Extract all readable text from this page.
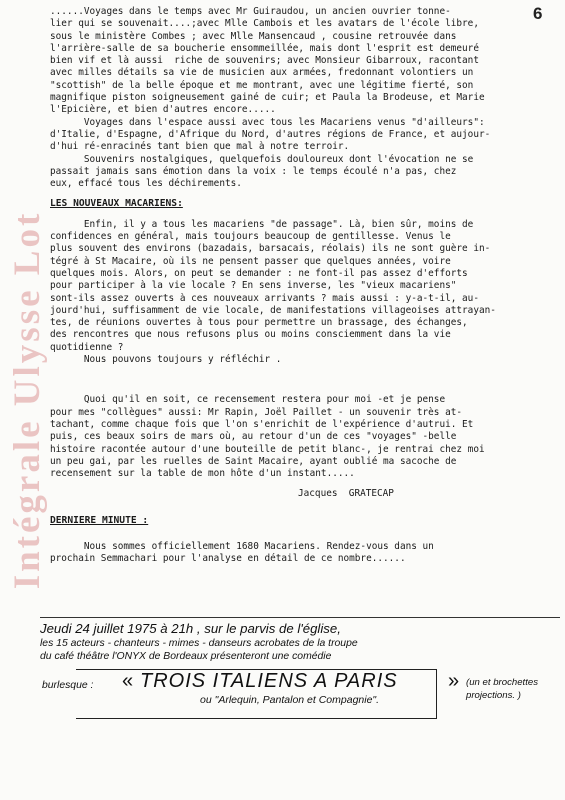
Intégrale Ulysse Lot
6
......Voyages dans le temps avec Mr Guiraudou, un ancien ouvrier tonne-
lier qui se souvenait....;avec Mlle Cambois et les avatars de l'école libre,
sous le ministère Combes ; avec Mlle Mansencaud , cousine retrouvée dans
l'arrière-salle de sa boucherie ensommeillée, mais dont l'esprit est demeuré
bien vif et là aussi  riche de souvenirs; avec Monsieur Gibarroux, racontant
avec milles détails sa vie de musicien aux armées, fredonnant volontiers un
"scottish" de la belle époque et me montrant, avec une légitime fierté, son
magnifique piston soigneusement gainé de cuir; et Paula la Brodeuse, et Marie
l'Epicière, et bien d'autres encore.....
Voyages dans l'espace aussi avec tous les Macariens venus "d'ailleurs":
d'Italie, d'Espagne, d'Afrique du Nord, d'autres régions de France, et aujour-
d'hui ré-enracinés tant bien que mal à notre terroir.
Souvenirs nostalgiques, quelquefois douloureux dont l'évocation ne se
passait jamais sans émotion dans la voix : le temps écoulé n'a pas, chez
eux, effacé tous les déchirements.
LES NOUVEAUX MACARIENS:
Enfin, il y a tous les macariens "de passage". Là, bien sûr, moins de
confidences en général, mais toujours beaucoup de gentillesse. Venus le
plus souvent des environs (bazadais, barsacais, réolais) ils ne sont guère in-
tégré à St Macaire, où ils ne pensent passer que quelques années, voire
quelques mois. Alors, on peut se demander : ne font-il pas assez d'efforts
pour participer à la vie locale ? En sens inverse, les "vieux macariens"
sont-ils assez ouverts à ces nouveaux arrivants ? mais aussi : y-a-t-il, au-
jourd'hui, suffisamment de vie locale, de manifestations villageoises attrayan-
tes, de réunions ouvertes à tous pour permettre un brassage, des échanges,
des rencontres que nous refusons plus ou moins consciemment dans la vie
quotidienne ?
Nous pouvons toujours y réfléchir .
Quoi qu'il en soit, ce recensement restera pour moi -et je pense
pour mes "collègues" aussi: Mr Rapin, Joël Paillet - un souvenir très at-
tachant, comme chaque fois que l'on s'enrichit de l'expérience d'autrui. Et
puis, ces beaux soirs de mars où, au retour d'un de ces "voyages" -belle
histoire racontée autour d'une bouteille de petit blanc-, je rentrai chez moi
un peu gai, par les ruelles de Saint Macaire, ayant oublié ma sacoche de
recensement sur la table de mon hôte d'un instant.....
Jacques  GRATECAP
DERNIERE MINUTE :
Nous sommes officiellement 1680 Macariens. Rendez-vous dans un
prochain Semmachari pour l'analyse en détail de ce nombre......
Jeudi 24 juillet 1975 à 21h , sur le parvis de l'église,
les 15 acteurs - chanteurs - mimes - danseurs acrobates de la troupe
du café théâtre l'ONYX de Bordeaux présenteront une comédie
burlesque : « TROIS ITALIENS A PARIS	»
ou "Arlequin, Pantalon et Compagnie".
(un et brochettes
projections. )
